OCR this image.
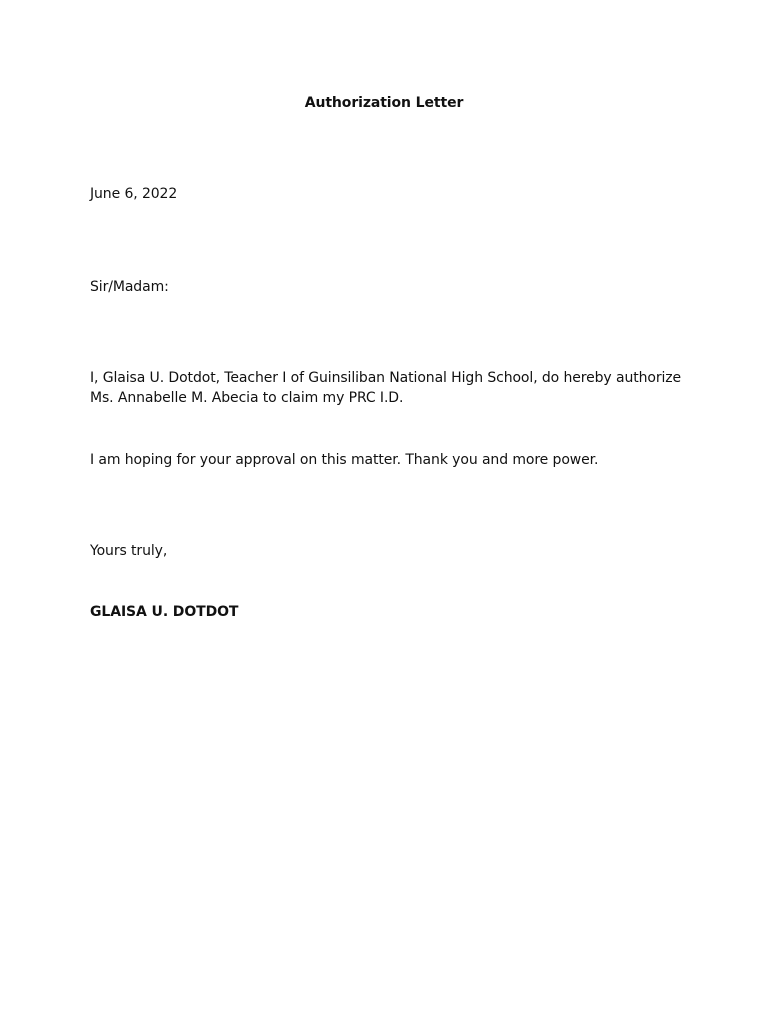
Authorization Letter
June 6, 2022
Sir/Madam:
I, Glaisa U. Dotdot, Teacher I of Guinsiliban National High School, do hereby authorize
Ms. Annabelle M. Abecia to claim my PRC I.D.
I am hoping for your approval on this matter. Thank you and more power.
Yours truly,
GLAISA U. DOTDOT
